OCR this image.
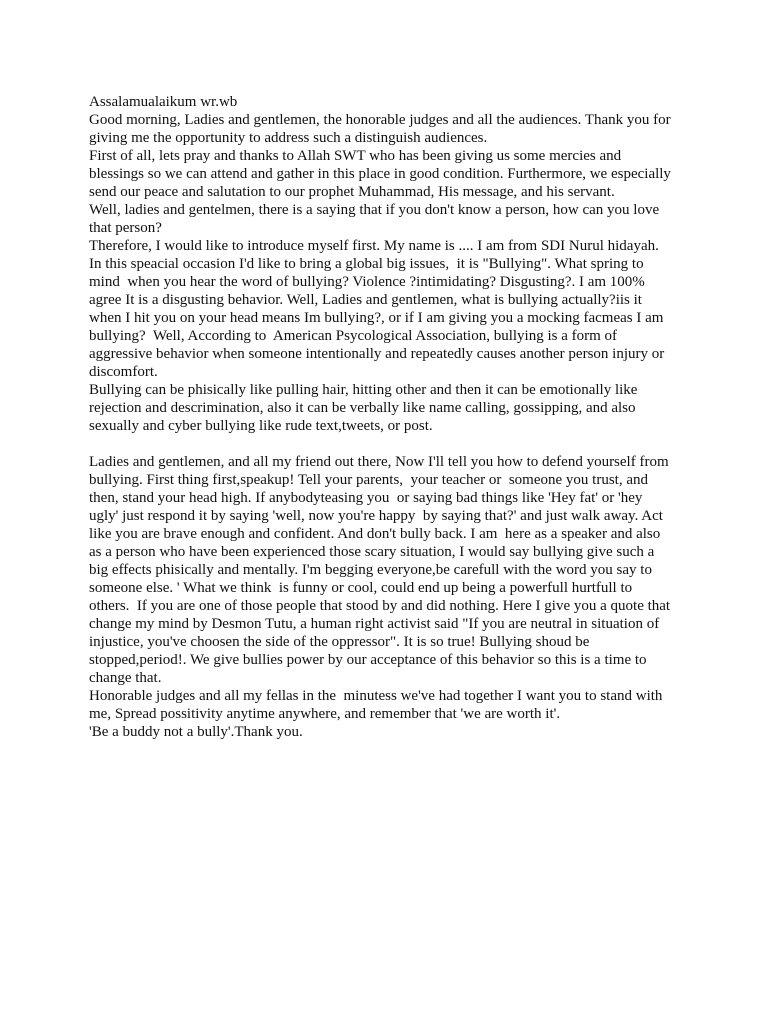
Assalamualaikum wr.wb
Good morning, Ladies and gentlemen, the honorable judges and all the audiences. Thank you for
giving me the opportunity to address such a distinguish audiences.
First of all, lets pray and thanks to Allah SWT who has been giving us some mercies and
blessings so we can attend and gather in this place in good condition. Furthermore, we especially
send our peace and salutation to our prophet Muhammad, His message, and his servant.
Well, ladies and gentelmen, there is a saying that if you don't know a person, how can you love
that person?
Therefore, I would like to introduce myself first. My name is .... I am from SDI Nurul hidayah.
In this speacial occasion I'd like to bring a global big issues,  it is "Bullying". What spring to
mind  when you hear the word of bullying? Violence ?intimidating? Disgusting?. I am 100%
agree It is a disgusting behavior. Well, Ladies and gentlemen, what is bullying actually?iis it
when I hit you on your head means Im bullying?, or if I am giving you a mocking facmeas I am
bullying?  Well, According to  American Psycological Association, bullying is a form of
aggressive behavior when someone intentionally and repeatedly causes another person injury or
discomfort.
Bullying can be phisically like pulling hair, hitting other and then it can be emotionally like
rejection and descrimination, also it can be verbally like name calling, gossipping, and also
sexually and cyber bullying like rude text,tweets, or post.
Ladies and gentlemen, and all my friend out there, Now I'll tell you how to defend yourself from
bullying. First thing first,speakup! Tell your parents,  your teacher or  someone you trust, and
then, stand your head high. If anybodyteasing you  or saying bad things like 'Hey fat' or 'hey
ugly' just respond it by saying 'well, now you're happy  by saying that?' and just walk away. Act
like you are brave enough and confident. And don't bully back. I am  here as a speaker and also
as a person who have been experienced those scary situation, I would say bullying give such a
big effects phisically and mentally. I'm begging everyone,be carefull with the word you say to
someone else. ' What we think  is funny or cool, could end up being a powerfull hurtfull to
others.  If you are one of those people that stood by and did nothing. Here I give you a quote that
change my mind by Desmon Tutu, a human right activist said "If you are neutral in situation of
injustice, you've choosen the side of the oppressor". It is so true! Bullying shoud be
stopped,period!. We give bullies power by our acceptance of this behavior so this is a time to
change that.
Honorable judges and all my fellas in the  minutess we've had together I want you to stand with
me, Spread possitivity anytime anywhere, and remember that 'we are worth it'.
'Be a buddy not a bully'.Thank you.
